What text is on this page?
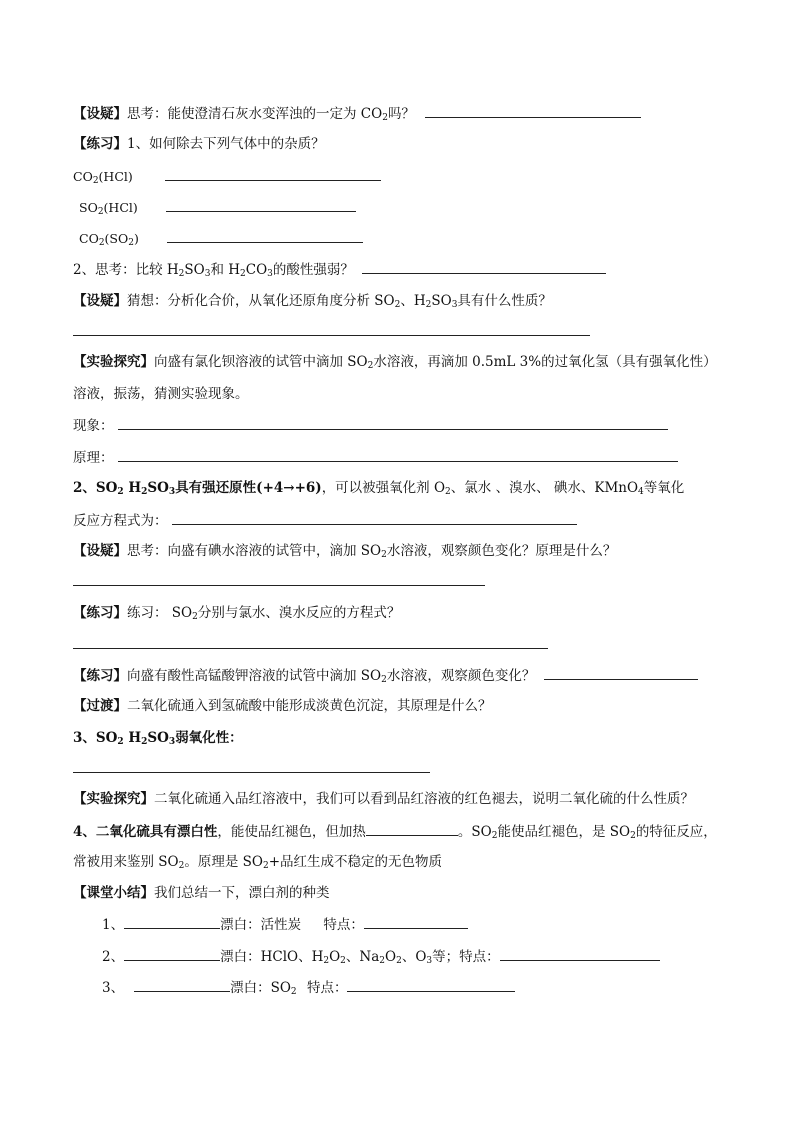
【设疑】思考：能使澄清石灰水变浑浊的一定为 $CO_2$吗？
【练习】1、如何除去下列气体中的杂质？
$CO_2(HCl)$
$SO_2(HCl)$
$CO_2(SO_2)$
2、思考：比较 $H_2SO_3$和 $H_2CO_3$的酸性强弱？
【设疑】猜想：分析化合价，从氧化还原角度分析 $SO_2$、$H_2SO_3$具有什么性质？
【实验探究】向盛有氯化钡溶液的试管中滴加 $SO_2$水溶液，再滴加 0.5mL 3%的过氧化氢（具有强氧化性）
溶液，振荡，猜测实验现象。
现象：
原理：
2、$SO_2$ $H_2SO_3$具有强还原性(+4→+6)，可以被强氧化剂 $O_2$、氯水 、溴水、 碘水、KMnO$_4$等氧化
反应方程式为：
【设疑】思考：向盛有碘水溶液的试管中，滴加 $SO_2$水溶液，观察颜色变化？原理是什么？
【练习】练习： $SO_2$分别与氯水、溴水反应的方程式？
【练习】向盛有酸性高锰酸钾溶液的试管中滴加 $SO_2$水溶液，观察颜色变化？
【过渡】二氧化硫通入到氢硫酸中能形成淡黄色沉淀，其原理是什么？
3、$SO_2$ $H_2SO_3$弱氧化性：
【实验探究】二氧化硫通入品红溶液中，我们可以看到品红溶液的红色褪去，说明二氧化硫的什么性质？
4、二氧化硫具有漂白性，能使品红褪色，但加热	。$SO_2$能使品红褪色，是 $SO_2$的特征反应，
常被用来鉴别 $SO_2$。原理是 $SO_2+$品红生成不稳定的无色物质
【课堂小结】我们总结一下，漂白剂的种类
1、	漂白：活性炭 特点：
2、	漂白：HClO、$H_2O_2$、$Na_2O_2$、$O_3$等；特点：
3、	漂白：$SO_2$ 特点：
